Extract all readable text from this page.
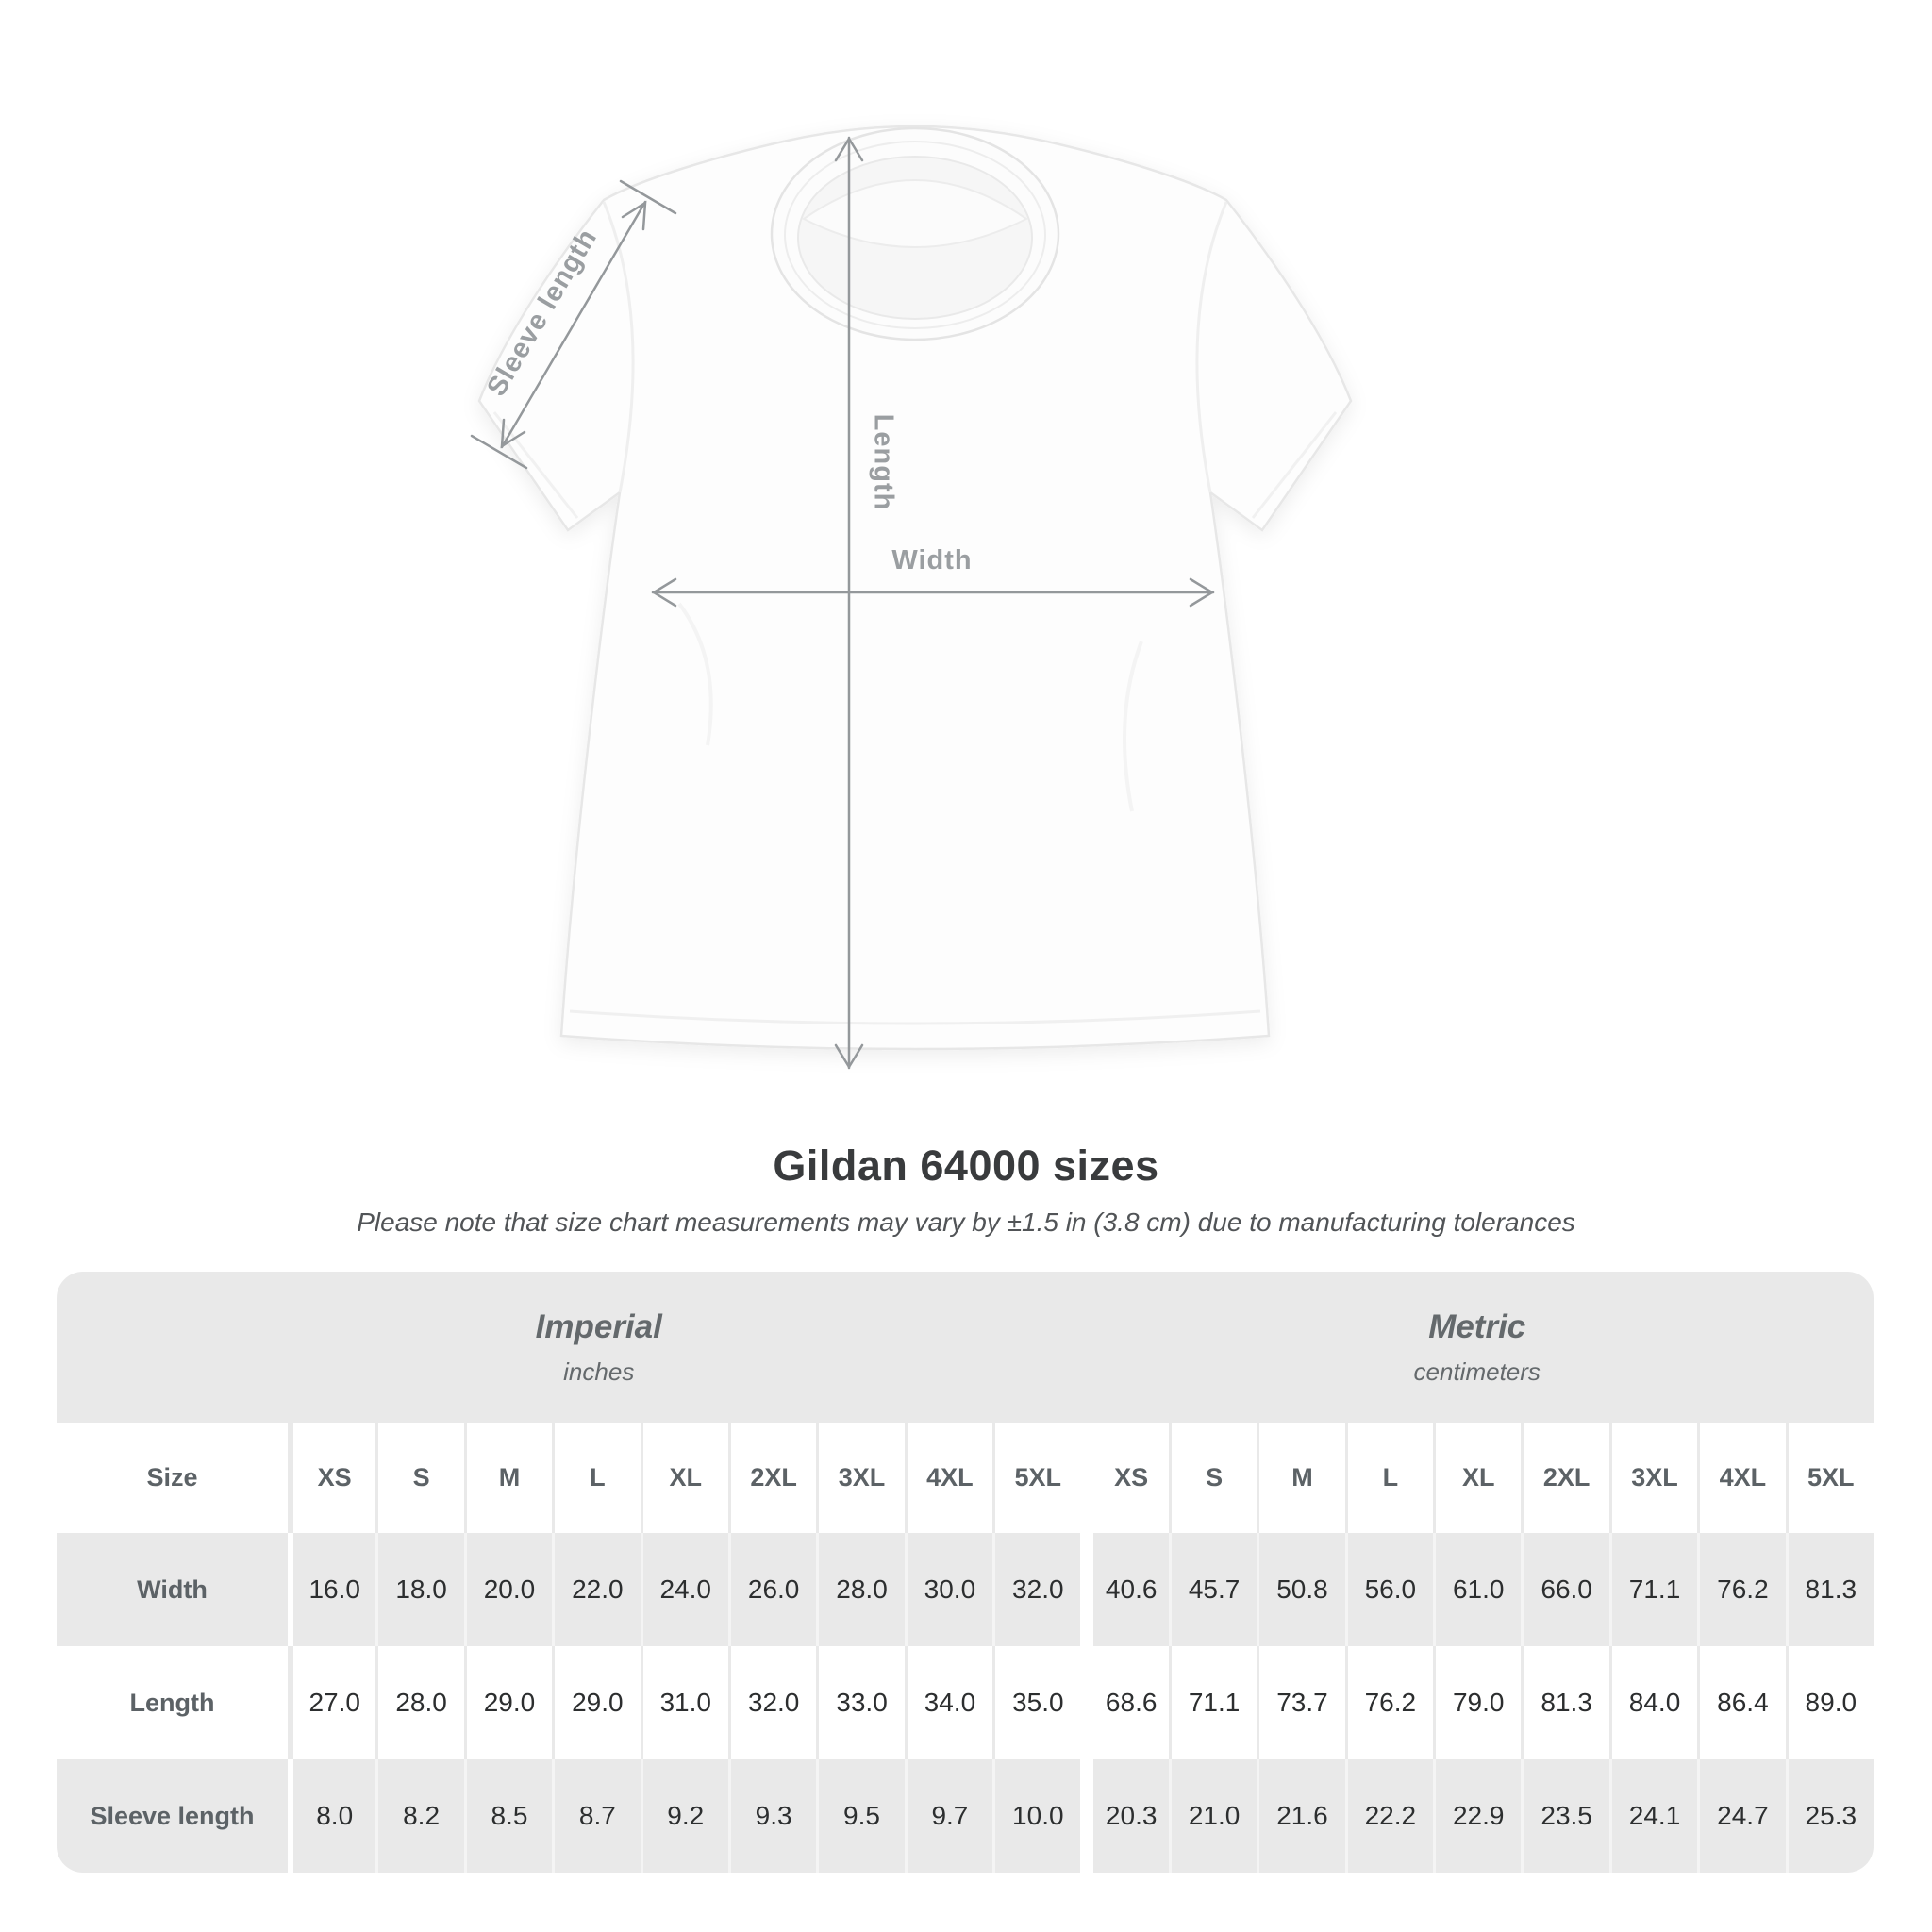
Length
Width
Sleeve length
Gildan 64000 sizes
Please note that size chart measurements may vary by ±1.5 in (3.8 cm) due to manufacturing tolerances
Imperial
inches
Metric
centimeters
Size	XS	S	M	L	XL	2XL	3XL	4XL	5XL	XS	S	M	L	XL	2XL	3XL	4XL	5XL
Width	16.0	18.0	20.0	22.0	24.0	26.0	28.0	30.0	32.0	40.6	45.7	50.8	56.0	61.0	66.0	71.1	76.2	81.3
Length	27.0	28.0	29.0	29.0	31.0	32.0	33.0	34.0	35.0	68.6	71.1	73.7	76.2	79.0	81.3	84.0	86.4	89.0
Sleeve length	8.0	8.2	8.5	8.7	9.2	9.3	9.5	9.7	10.0	20.3	21.0	21.6	22.2	22.9	23.5	24.1	24.7	25.3
